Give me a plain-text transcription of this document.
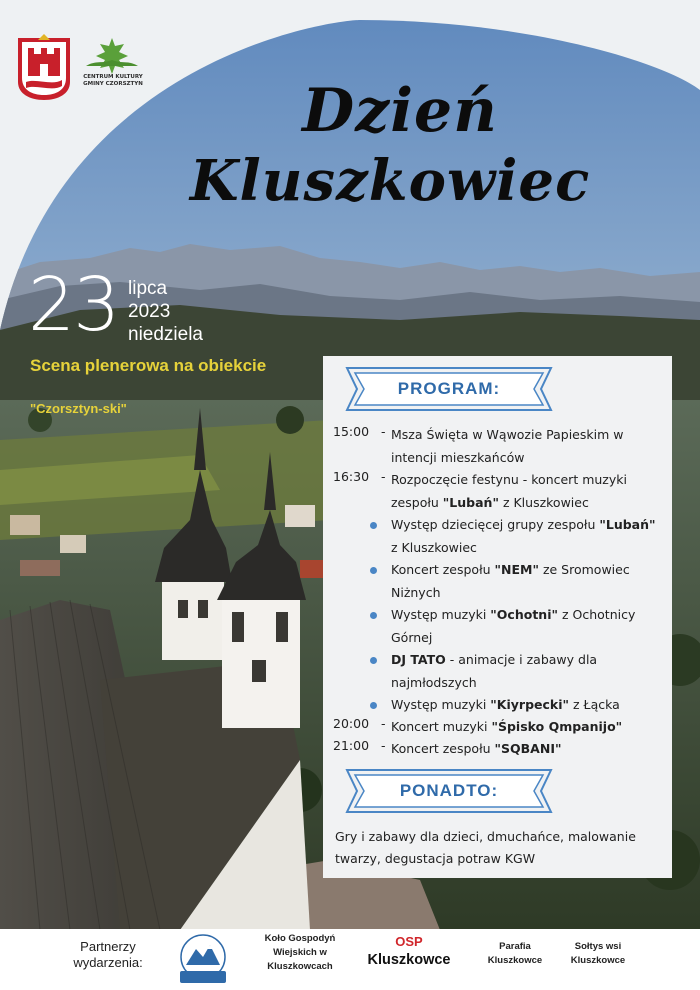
CENTRUM KULTURY
GMINY CZORSZTYN	Dzień
Kluszkowiec
23 lipca
2023
niedziela
Scena plenerowa na obiekcie
"Czorsztyn-ski"
PROGRAM:
15:00 - Msza Święta w Wąwozie Papieskim w intencji mieszkańców
16:30 - Rozpoczęcie festynu - koncert muzyki zespołu "Lubań" z Kluszkowiec
Występ dziecięcej grupy zespołu "Lubań" z Kluszkowiec
Koncert zespołu "NEM" ze Sromowiec Niżnych
Występ muzyki "Ochotni" z Ochotnicy Górnej
DJ TATO - animacje i zabawy dla najmłodszych
Występ muzyki "Kiyrpecki" z Łącka
20:00 - Koncert muzyki "Śpisko Qmpanijo"
21:00 - Koncert zespołu "SQBANI"
PONADTO:
Gry i zabawy dla dzieci, dmuchańce, malowanie twarzy, degustacja potraw KGW
Partnerzy wydarzenia:
Koło Gospodyń Wiejskich w Kluszkowcach
OSP
Kluszkowce
Parafia Kluszkowce
Sołtys wsi Kluszkowce
